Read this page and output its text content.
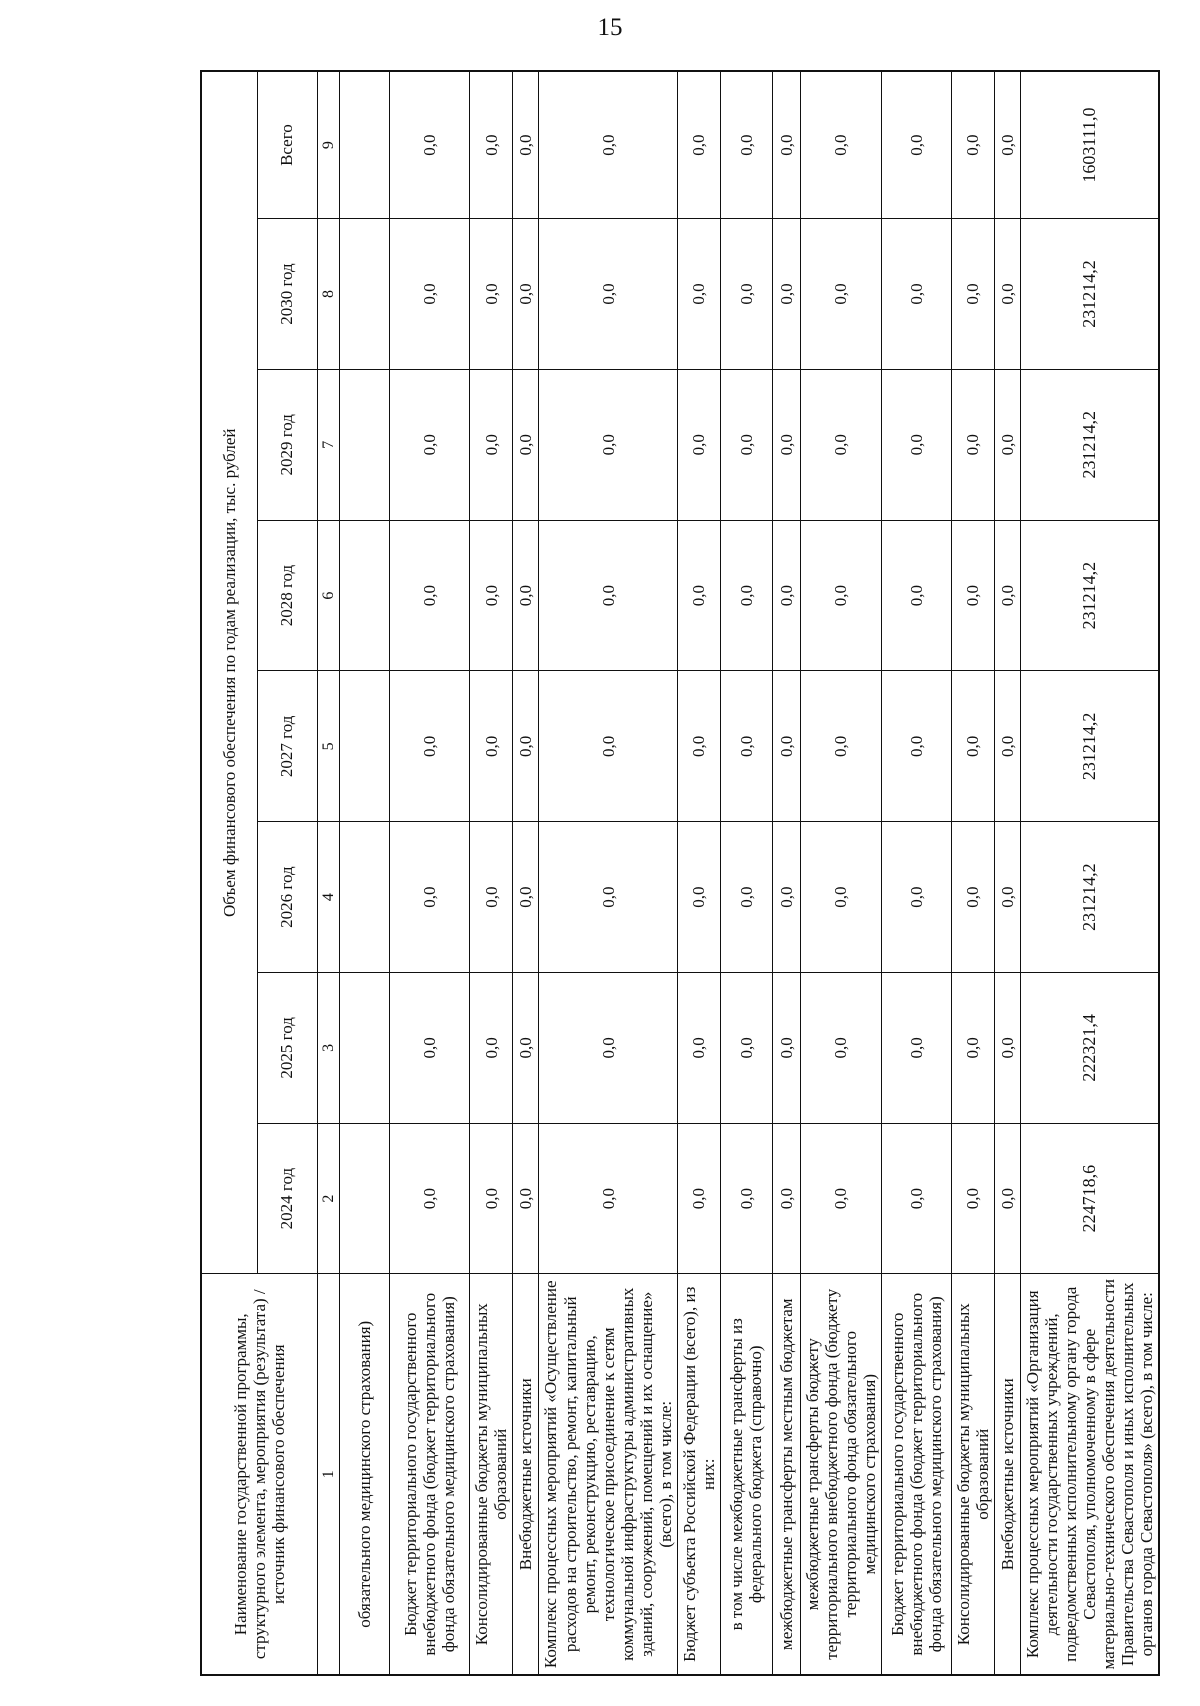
15
Наименование государственной программы, структурного элемента, мероприятия (результата) / источник финансового обеспечения	Объем финансового обеспечения по годам реализации, тыс. рублей							
	2024 год	2025 год	2026 год	2027 год	2028 год	2029 год	2030 год	Всего
1	2	3	4	5	6	7	8	9
обязательного медицинского страхования)								
Бюджет территориального государственного внебюджетного фонда (бюджет территориального фонда обязательного медицинского страхования)	0,0	0,0	0,0	0,0	0,0	0,0	0,0	0,0
Консолидированные бюджеты муниципальных образований	0,0	0,0	0,0	0,0	0,0	0,0	0,0	0,0
Внебюджетные источники	0,0	0,0	0,0	0,0	0,0	0,0	0,0	0,0
Комплекс процессных мероприятий «Осуществление расходов на строительство, ремонт, капитальный ремонт, реконструкцию, реставрацию, технологическое присоединение к сетям коммунальной инфраструктуры административных зданий, сооружений, помещений и их оснащение» (всего), в том числе:	0,0	0,0	0,0	0,0	0,0	0,0	0,0	0,0
Бюджет субъекта Российской Федерации (всего), из них:	0,0	0,0	0,0	0,0	0,0	0,0	0,0	0,0
в том числе межбюджетные трансферты из федерального бюджета (справочно)	0,0	0,0	0,0	0,0	0,0	0,0	0,0	0,0
межбюджетные трансферты местным бюджетам	0,0	0,0	0,0	0,0	0,0	0,0	0,0	0,0
межбюджетные трансферты бюджету территориального внебюджетного фонда (бюджету территориального фонда обязательного медицинского страхования)	0,0	0,0	0,0	0,0	0,0	0,0	0,0	0,0
Бюджет территориального государственного внебюджетного фонда (бюджет территориального фонда обязательного медицинского страхования)	0,0	0,0	0,0	0,0	0,0	0,0	0,0	0,0
Консолидированные бюджеты муниципальных образований	0,0	0,0	0,0	0,0	0,0	0,0	0,0	0,0
Внебюджетные источники	0,0	0,0	0,0	0,0	0,0	0,0	0,0	0,0
Комплекс процессных мероприятий «Организация деятельности государственных учреждений, подведомственных исполнительному органу города Севастополя, уполномоченному в сфере материально-технического обеспечения деятельности Правительства Севастополя и иных исполнительных органов города Севастополя» (всего), в том числе:	224718,6	222321,4	231214,2	231214,2	231214,2	231214,2	231214,2	1603111,0
